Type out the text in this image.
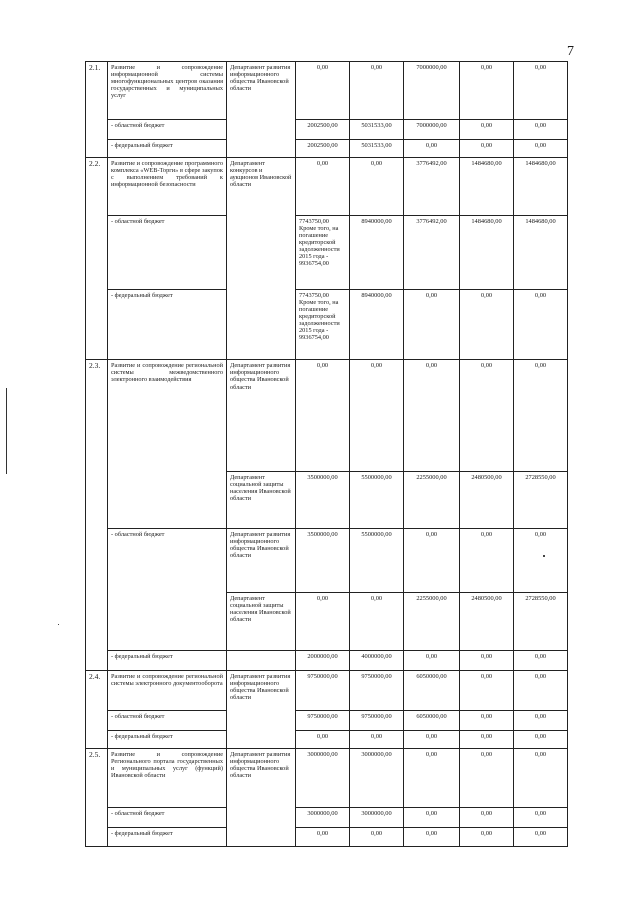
7
2.1.	Развитие и сопровождение информационной системы многофункциональных центров оказания государственных и муниципальных услуг	Департамент развития информационного общества Ивановской области	0,00	0,00	7000000,00	0,00	0,00
	- областной бюджет		2002500,00	5031533,00	7000000,00	0,00	0,00
	- федеральный бюджет		2002500,00	5031533,00	0,00	0,00	0,00
2.2.	Развитие и сопровождение программного комплекса «WEB-Торги» в сфере закупок с выполнением требований к информационной безопасности	Департамент конкурсов и аукционов Ивановской области	0,00	0,00	3776492,00	1484680,00	1484680,00
	- областной бюджет		7743750,00 Кроме того, на погашение кредиторской задолженности 2015 года - 9936754,00	8940000,00	3776492,00	1484680,00	1484680,00
	- федеральный бюджет		7743750,00 Кроме того, на погашение кредиторской задолженности 2015 года - 9936754,00	8940000,00	0,00	0,00	0,00
2.3.	Развитие и сопровождение региональной системы межведомственного электронного взаимодействия	Департамент развития информационного общества Ивановской области	0,00	0,00	0,00	0,00	0,00
		Департамент социальной защиты населения Ивановской области	3500000,00	5500000,00	2255000,00	2480500,00	2728550,00
	- областной бюджет	Департамент развития информационного общества Ивановской области	3500000,00	5500000,00	0,00	0,00	0,00
		Департамент социальной защиты населения Ивановской области	0,00	0,00	2255000,00	2480500,00	2728550,00
	- федеральный бюджет		2000000,00	4000000,00	0,00	0,00	0,00
2.4.	Развитие и сопровождение региональной системы электронного документооборота	Департамент развития информационного общества Ивановской области	9750000,00	9750000,00	6050000,00	0,00	0,00
	- областной бюджет		9750000,00	9750000,00	6050000,00	0,00	0,00
	- федеральный бюджет		0,00	0,00	0,00	0,00	0,00
2.5.	Развитие и сопровождение Регионального портала государственных и муниципальных услуг (функций) Ивановской области	Департамент развития информационного общества Ивановской области	3000000,00	3000000,00	0,00	0,00	0,00
	- областной бюджет		3000000,00	3000000,00	0,00	0,00	0,00
	- федеральный бюджет		0,00	0,00	0,00	0,00	0,00
